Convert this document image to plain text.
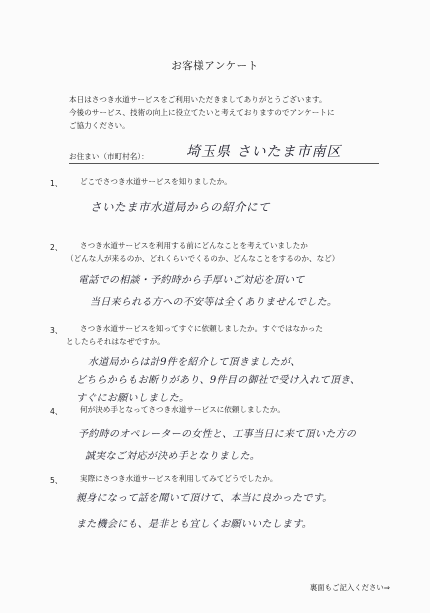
お客様アンケート
本日はさつき水道サービスをご利用いただきましてありがとうございます。
今後のサービス、技術の向上に役立てたいと考えておりますのでアンケートに
ご協力ください。
お住まい（市町村名）：	埼玉県 さいたま市南区
1、 どこでさつき水道サービスを知りましたか。
さいたま市水道局からの紹介にて
2、 さつき水道サービスを利用する前にどんなことを考えていましたか
（どんな人が来るのか、どれくらいでくるのか、どんなことをするのか、など）
電話での相談・予約時から手厚いご対応を頂いて
当日来られる方への不安等は全くありませんでした。
3、 さつき水道サービスを知ってすぐに依頼しましたか。すぐではなかった
としたらそれはなぜですか。
水道局からは計9件を紹介して頂きましたが、
どちらからもお断りがあり、9件目の御社で受け入れて頂き、
すぐにお願いしました。
4、 何が決め手となってさつき水道サービスに依頼しましたか。
予約時のオペレーターの女性と、工事当日に来て頂いた方の
誠実なご対応が決め手となりました。
5、 実際にさつき水道サービスを利用してみてどうでしたか。
親身になって話を聞いて頂けて、本当に良かったです。
また機会にも、是非とも宜しくお願いいたします。
裏面もご記入ください⇒
